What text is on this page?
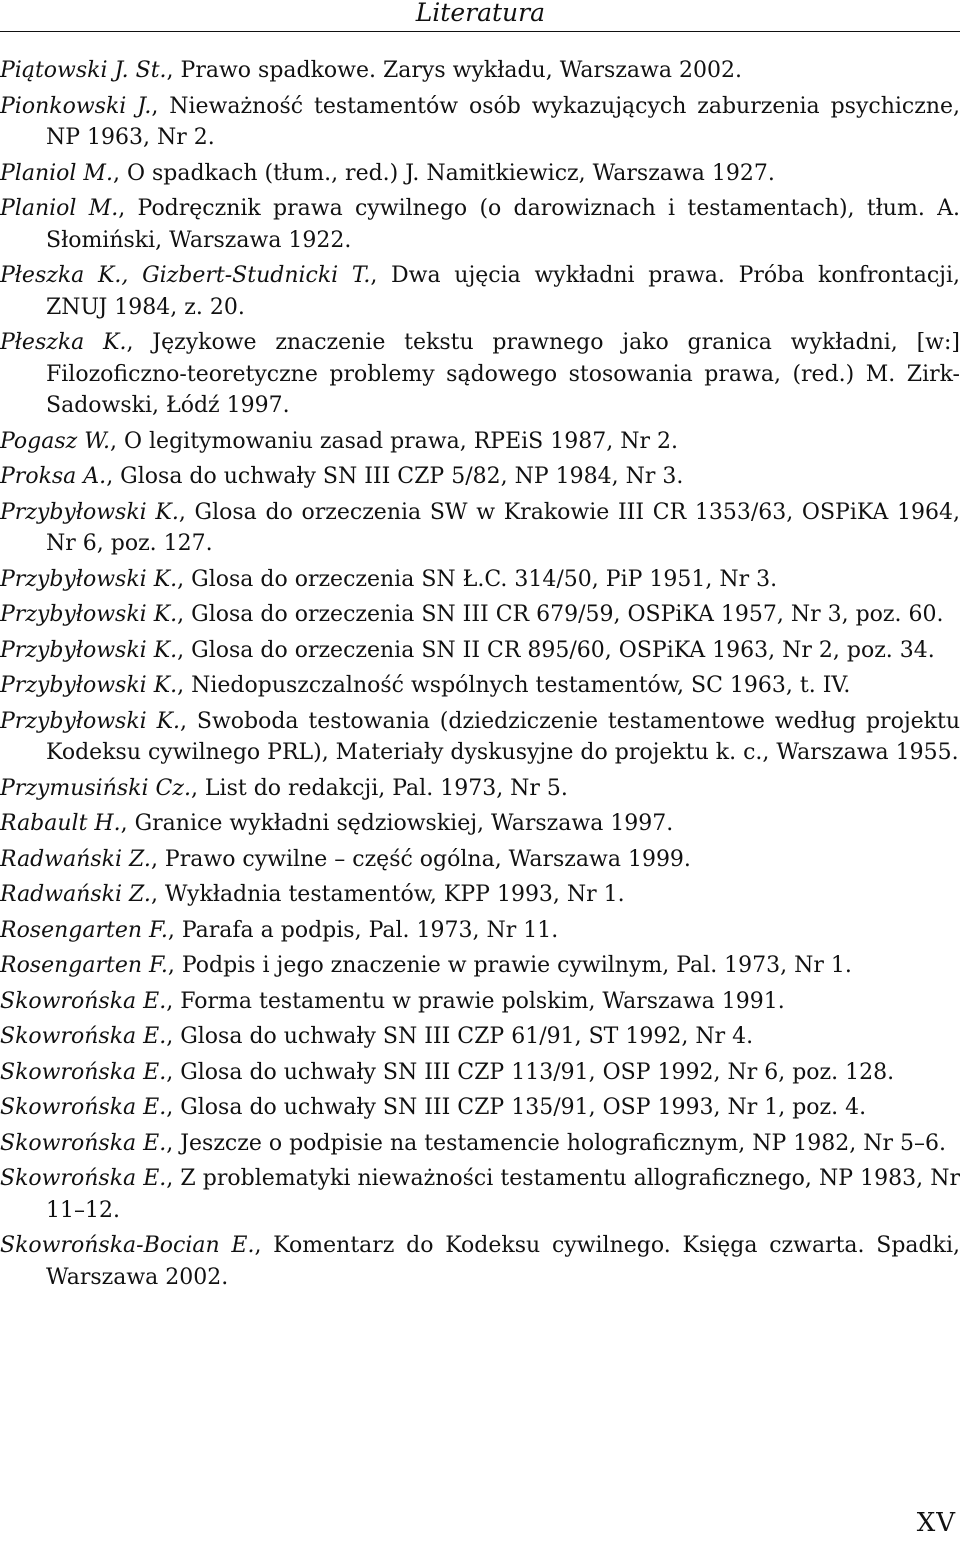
Literatura
Piątowski J. St., Prawo spadkowe. Zarys wykładu, Warszawa 2002.
Pionkowski J., Nieważność testamentów osób wykazujących zaburzenia psychiczne, NP 1963, Nr 2.
Planiol M., O spadkach (tłum., red.) J. Namitkiewicz, Warszawa 1927.
Planiol M., Podręcznik prawa cywilnego (o darowiznach i testamentach), tłum. A. Słomiński, Warszawa 1922.
Płeszka K., Gizbert-Studnicki T., Dwa ujęcia wykładni prawa. Próba konfrontacji, ZNUJ 1984, z. 20.
Płeszka K., Językowe znaczenie tekstu prawnego jako granica wykładni, [w:] Filozoficzno-teoretyczne problemy sądowego stosowania prawa, (red.) M. Zirk-Sadowski, Łódź 1997.
Pogasz W., O legitymowaniu zasad prawa, RPEiS 1987, Nr 2.
Proksa A., Glosa do uchwały SN III CZP 5/82, NP 1984, Nr 3.
Przybyłowski K., Glosa do orzeczenia SW w Krakowie III CR 1353/63, OSPiKA 1964, Nr 6, poz. 127.
Przybyłowski K., Glosa do orzeczenia SN Ł.C. 314/50, PiP 1951, Nr 3.
Przybyłowski K., Glosa do orzeczenia SN III CR 679/59, OSPiKA 1957, Nr 3, poz. 60.
Przybyłowski K., Glosa do orzeczenia SN II CR 895/60, OSPiKA 1963, Nr 2, poz. 34.
Przybyłowski K., Niedopuszczalność wspólnych testamentów, SC 1963, t. IV.
Przybyłowski K., Swoboda testowania (dziedziczenie testamentowe według projektu Kodeksu cywilnego PRL), Materiały dyskusyjne do projektu k. c., Warszawa 1955.
Przymusiński Cz., List do redakcji, Pal. 1973, Nr 5.
Rabault H., Granice wykładni sędziowskiej, Warszawa 1997.
Radwański Z., Prawo cywilne – część ogólna, Warszawa 1999.
Radwański Z., Wykładnia testamentów, KPP 1993, Nr 1.
Rosengarten F., Parafa a podpis, Pal. 1973, Nr 11.
Rosengarten F., Podpis i jego znaczenie w prawie cywilnym, Pal. 1973, Nr 1.
Skowrońska E., Forma testamentu w prawie polskim, Warszawa 1991.
Skowrońska E., Glosa do uchwały SN III CZP 61/91, ST 1992, Nr 4.
Skowrońska E., Glosa do uchwały SN III CZP 113/91, OSP 1992, Nr 6, poz. 128.
Skowrońska E., Glosa do uchwały SN III CZP 135/91, OSP 1993, Nr 1, poz. 4.
Skowrońska E., Jeszcze o podpisie na testamencie holograficznym, NP 1982, Nr 5–6.
Skowrońska E., Z problematyki nieważności testamentu allograficznego, NP 1983, Nr 11–12.
Skowrońska-Bocian E., Komentarz do Kodeksu cywilnego. Księga czwarta. Spadki, Warszawa 2002.
XV
